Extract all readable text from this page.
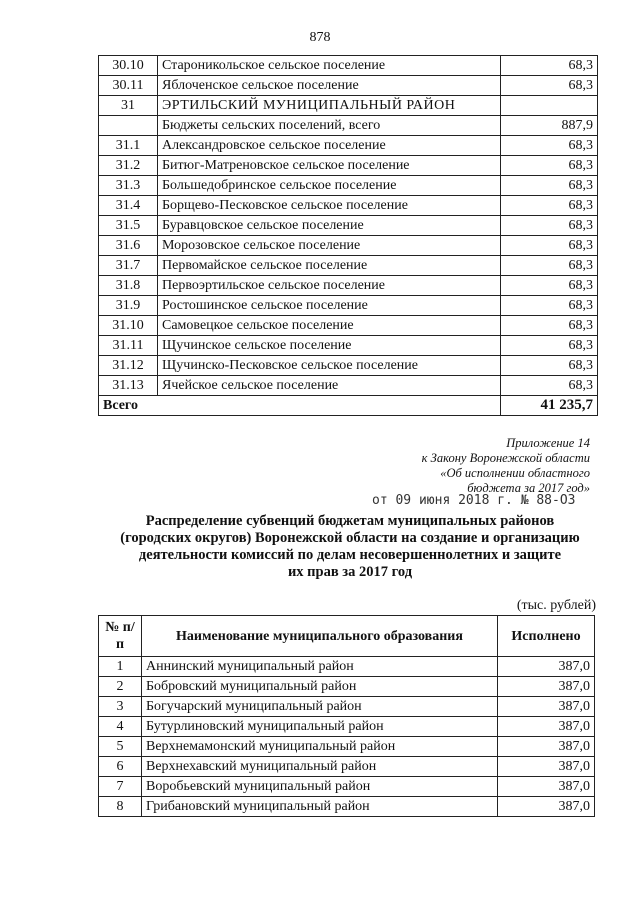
878
30.10	Староникольское сельское поселение	68,3
30.11	Яблоченское сельское поселение	68,3
31	ЭРТИЛЬСКИЙ МУНИЦИПАЛЬНЫЙ РАЙОН	
	Бюджеты сельских поселений, всего	887,9
31.1	Александровское сельское поселение	68,3
31.2	Битюг-Матреновское сельское поселение	68,3
31.3	Большедобринское сельское поселение	68,3
31.4	Борщево-Песковское сельское поселение	68,3
31.5	Буравцовское сельское поселение	68,3
31.6	Морозовское сельское поселение	68,3
31.7	Первомайское сельское поселение	68,3
31.8	Первоэртильское сельское поселение	68,3
31.9	Ростошинское сельское поселение	68,3
31.10	Самовецкое сельское поселение	68,3
31.11	Щучинское сельское поселение	68,3
31.12	Щучинско-Песковское сельское поселение	68,3
31.13	Ячейское сельское поселение	68,3
Всего		41 235,7
Приложение 14
к Закону Воронежской области
«Об исполнении областного
бюджета за 2017 год»
от 09 июня 2018 г. № 88-ОЗ
Распределение субвенций бюджетам муниципальных районов
(городских округов) Воронежской области на создание и организацию
деятельности комиссий по делам несовершеннолетних и защите
их прав за 2017 год
(тыс. рублей)
№ п/п	Наименование муниципального образования	Исполнено
1	Аннинский муниципальный район	387,0
2	Бобровский муниципальный район	387,0
3	Богучарский муниципальный район	387,0
4	Бутурлиновский муниципальный район	387,0
5	Верхнемамонский муниципальный район	387,0
6	Верхнехавский муниципальный район	387,0
7	Воробьевский муниципальный район	387,0
8	Грибановский муниципальный район	387,0
